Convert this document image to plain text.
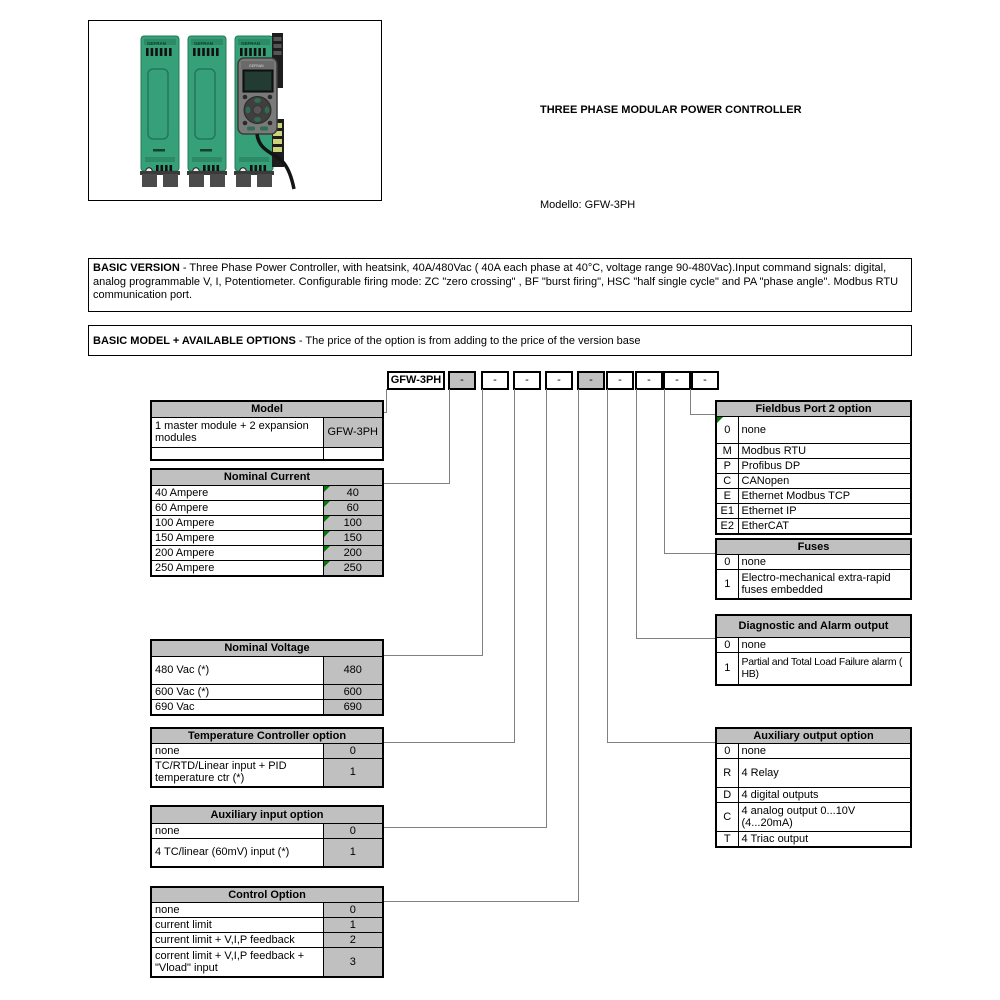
GEFRAN	GEFRAN	GEFRAN
GEFRAN
THREE PHASE MODULAR POWER CONTROLLER
Modello: GFW-3PH
BASIC VERSION - Three Phase Power Controller, with heatsink, 40A/480Vac ( 40A each phase at 40°C, voltage range 90-480Vac).Input command signals: digital, analog programmable V, I, Potentiometer. Configurable firing mode: ZC "zero crossing" , BF "burst firing", HSC "half single cycle" and PA "phase angle". Modbus RTU communication port.
BASIC MODEL + AVAILABLE OPTIONS - The price of the option is from adding to the price of the version base
GFW-3PH	-	-	-	-	-	-	-	-	-
Model	
1 master module + 2 expansion modules	GFW-3PH

Nominal Current	
40 Ampere	40
60 Ampere	60
100 Ampere	100
150 Ampere	150
200 Ampere	200
250 Ampere	250
Nominal Voltage	
480 Vac (*)	480
600 Vac (*)	600
690 Vac	690
Temperature Controller option	
none	0
TC/RTD/Linear input + PID temperature ctr (*)	1
Auxiliary input option	
none	0
4 TC/linear (60mV) input (*)	1
Control Option	
none	0
current limit	1
current limit + V,I,P feedback	2
corrent limit + V,I,P feedback + "Vload" input	3
Fieldbus Port 2 option	

0	none
M	Modbus RTU
P	Profibus DP
C	CANopen
E	Ethernet Modbus TCP
E1	Ethernet IP
E2	EtherCAT
Fuses	
0	none
1	Electro-mechanical extra-rapid fuses embedded
Diagnostic and Alarm output	
0	none
1	Partial and Total Load Failure alarm ( HB)
Auxiliary output option	
0	none
R	4 Relay
D	4 digital outputs
C	4 analog output 0...10V (4...20mA)
T	4 Triac output
